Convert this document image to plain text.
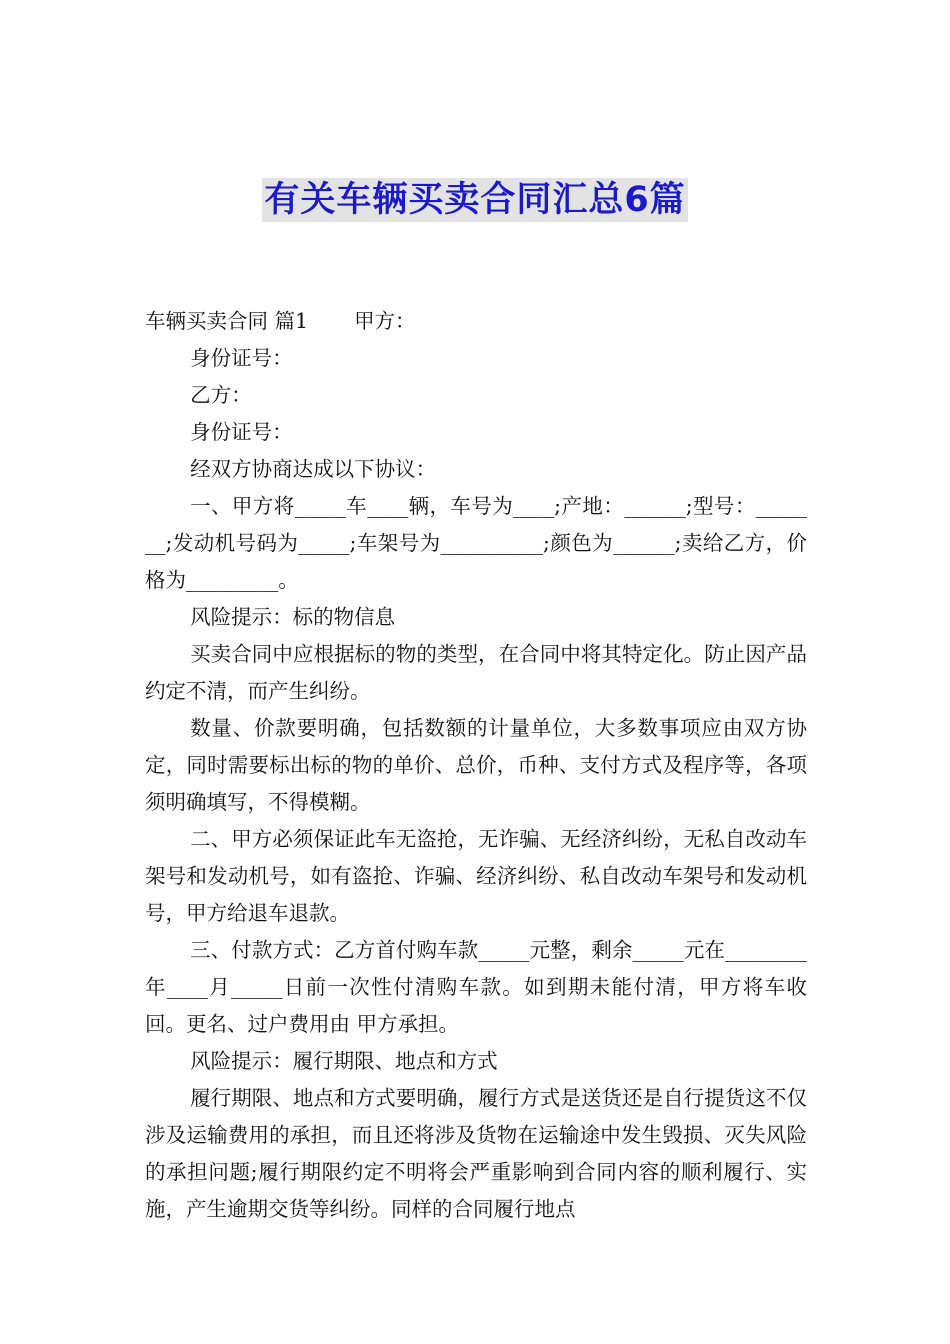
有关车辆买卖合同汇总6篇

车辆买卖合同 篇1 甲方：

身份证号：

乙方：

身份证号：

经双方协商达成以下协议：

一、甲方将_____车____辆，车号为____;产地：______;型号：_______;发动机号码为_____;车架号为__________;颜色为______;卖给乙方，价格为_________。

风险提示：标的物信息

买卖合同中应根据标的物的类型，在合同中将其特定化。防止因产品约定不清，而产生纠纷。

数量、价款要明确，包括数额的计量单位，大多数事项应由双方协定，同时需要标出标的物的单价、总价，币种、支付方式及程序等，各项须明确填写，不得模糊。

二、甲方必须保证此车无盗抢，无诈骗、无经济纠纷，无私自改动车架号和发动机号，如有盗抢、诈骗、经济纠纷、私自改动车架号和发动机号，甲方给退车退款。

三、付款方式：乙方首付购车款_____元整，剩余_____元在________年____月_____日前一次性付清购车款。如到期未能付清，甲方将车收回。更名、过户费用由 甲方承担。

风险提示：履行期限、地点和方式

履行期限、地点和方式要明确，履行方式是送货还是自行提货这不仅涉及运输费用的承担，而且还将涉及货物在运输途中发生毁损、灭失风险的承担问题;履行期限约定不明将会严重影响到合同内容的顺利履行、实施，产生逾期交货等纠纷。同样的合同履行地点
